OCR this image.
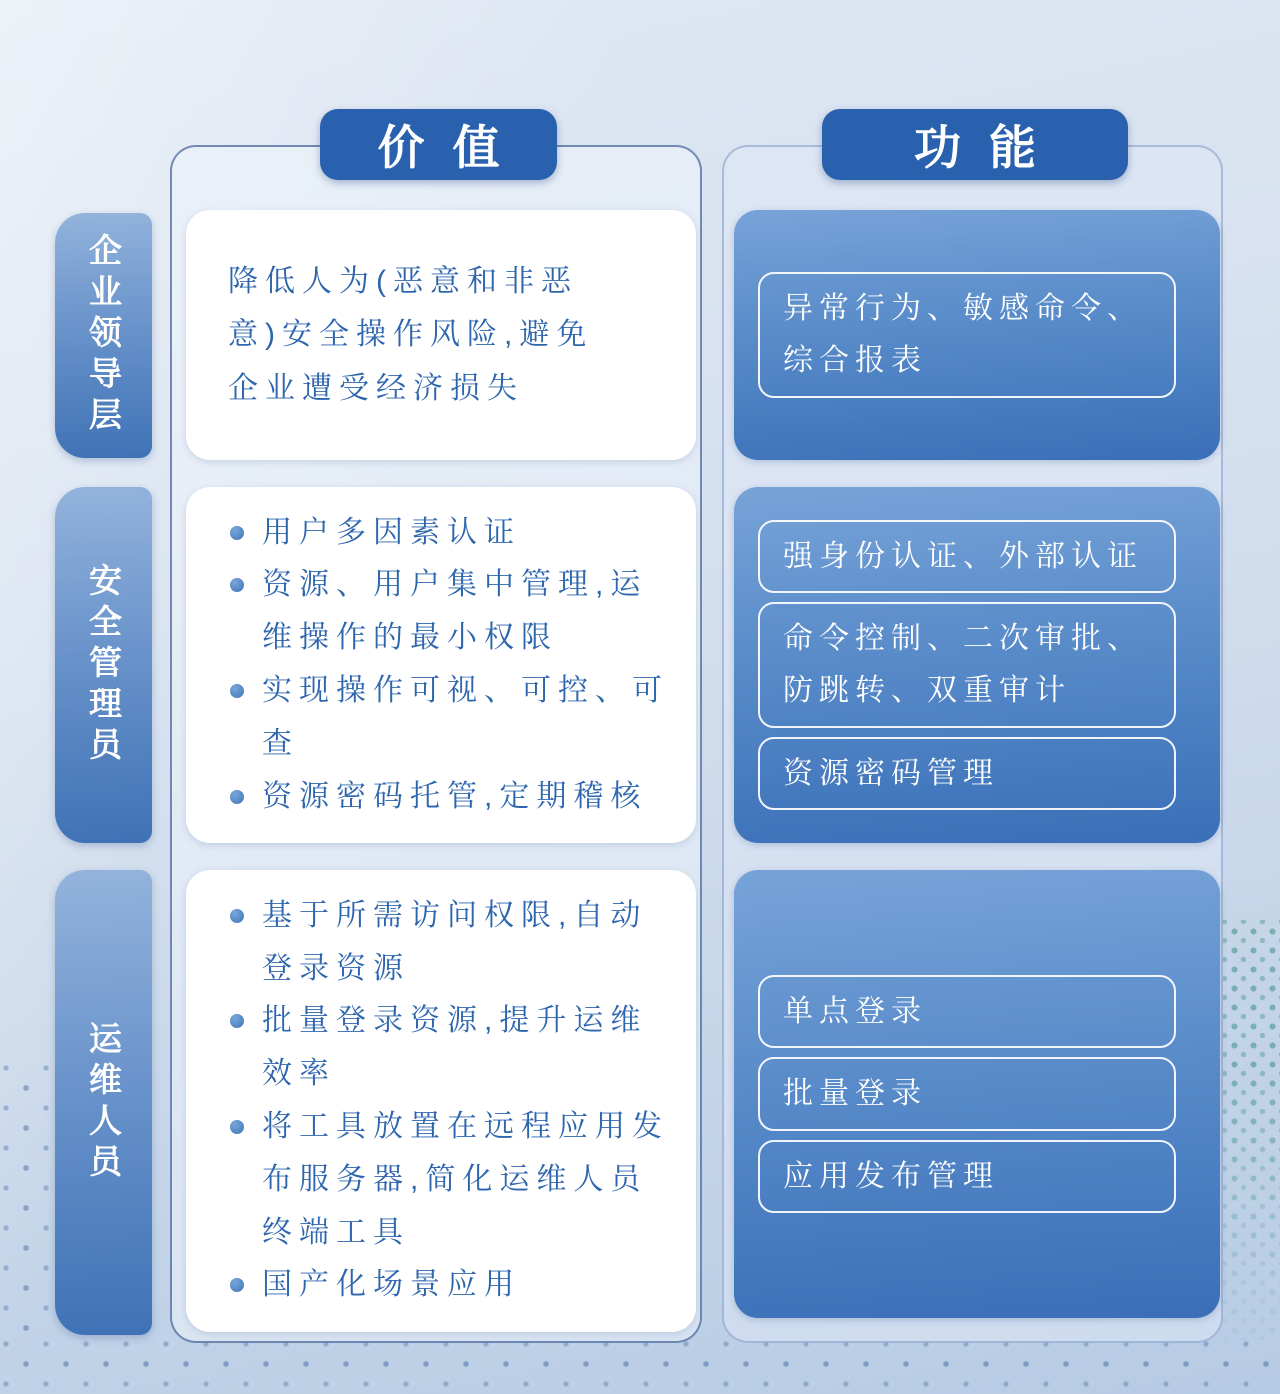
价值	功能
企业领导层
安全管理员
运维人员
降低人为(恶意和非恶意)安全操作风险,避免企业遭受经济损失
异常行为、敏感命令、综合报表
用户多因素认证
资源、用户集中管理,运维操作的最小权限
实现操作可视、可控、可查
资源密码托管,定期稽核
强身份认证、外部认证
命令控制、二次审批、防跳转、双重审计
资源密码管理
基于所需访问权限,自动登录资源
批量登录资源,提升运维效率
将工具放置在远程应用发布服务器,简化运维人员终端工具
国产化场景应用
单点登录
批量登录
应用发布管理
